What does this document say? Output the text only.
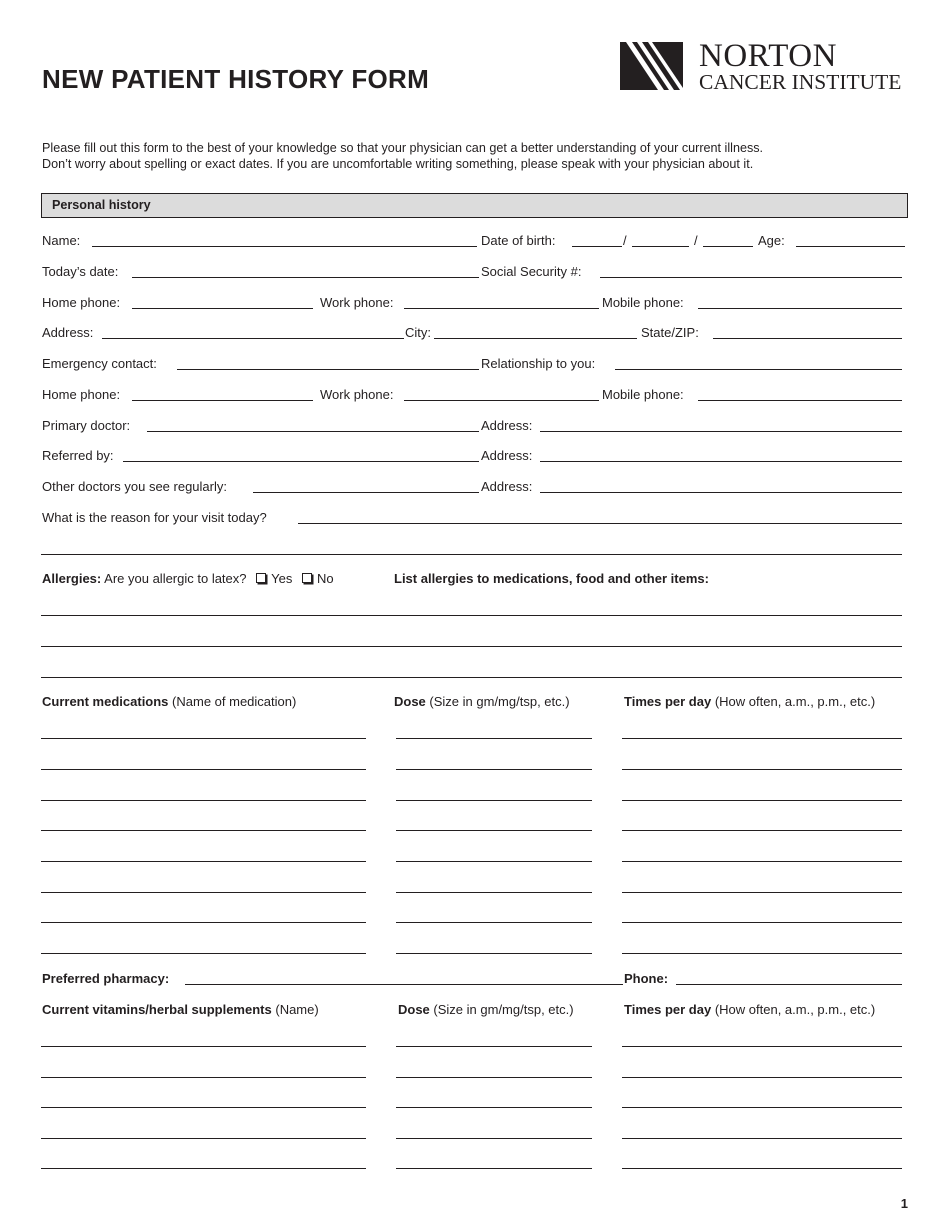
NEW PATIENT HISTORY FORM
NORTON
CANCER INSTITUTE
Please fill out this form to the best of your knowledge so that your physician can get a better understanding of your current illness.
Don’t worry about spelling or exact dates. If you are uncomfortable writing something, please speak with your physician about it.
Personal history
Name:	Date of birth:	/	/	Age:
Today’s date:	Social Security #:
Home phone:	Work phone:	Mobile phone:
Address:	City:	State/ZIP:
Emergency contact:	Relationship to you:
Home phone:	Work phone:	Mobile phone:
Primary doctor:	Address:
Referred by:	Address:
Other doctors you see regularly:	Address:
What is the reason for your visit today?
Allergies: Are you allergic to latex? Yes No	List allergies to medications, food and other items:
Current medications (Name of medication)	Dose (Size in gm/mg/tsp, etc.)	Times per day (How often, a.m., p.m., etc.)
Preferred pharmacy:	Phone:
Current vitamins/herbal supplements (Name)	Dose (Size in gm/mg/tsp, etc.)	Times per day (How often, a.m., p.m., etc.)
1
